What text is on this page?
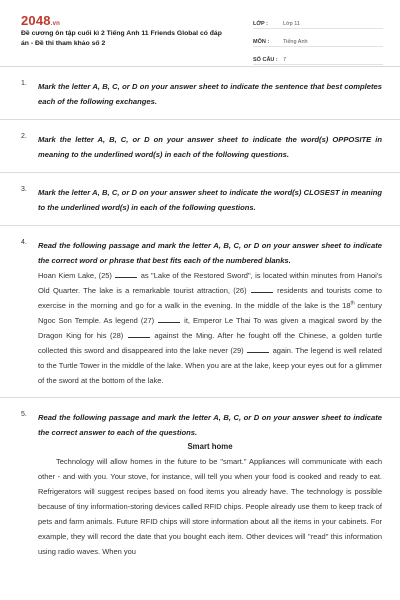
2048.vn
Đề cương ôn tập cuối kì 2 Tiếng Anh 11 Friends Global có đáp án - Đề thi tham khảo số 2
LỚP :	Lớp 11
MÔN :	Tiếng Anh
SỐ CÂU : 7
1. Mark the letter A, B, C, or D on your answer sheet to indicate the sentence that best completes each of the following exchanges.
2. Mark the letter A, B, C, or D on your answer sheet to indicate the word(s) OPPOSITE in meaning to the underlined word(s) in each of the following questions.
3. Mark the letter A, B, C, or D on your answer sheet to indicate the word(s) CLOSEST in meaning to the underlined word(s) in each of the following questions.
4. Read the following passage and mark the letter A, B, C, or D on your answer sheet to indicate the correct word or phrase that best fits each of the numbered blanks.
Hoan Kiem Lake, (25)	as "Lake of the Restored Sword", is located within minutes from Hanoi's Old Quarter. The lake is a remarkable tourist attraction, (26)	residents and tourists come to exercise in the morning and go for a walk in the evening. In the middle of the lake is the 18th century Ngoc Son Temple. As legend (27)	it, Emperor Le Thai To was given a magical sword by the Dragon King for his (28)	against the Ming. After he fought off the Chinese, a golden turtle collected this sword and disappeared into the lake never (29)	again. The legend is well related to the Turtle Tower in the middle of the lake. When you are at the lake, keep your eyes out for a glimmer of the sword at the bottom of the lake.
5. Read the following passage and mark the letter A, B, C, or D on your answer sheet to indicate the correct answer to each of the questions.
Smart home
Technology will allow homes in the future to be "smart." Appliances will communicate with each other - and with you. Your stove, for instance, will tell you when your food is cooked and ready to eat. Refrigerators will suggest recipes based on food items you already have. The technology is possible because of tiny information-storing devices called RFID chips. People already use them to keep track of pets and farm animals. Future RFID chips will store information about all the items in your cabinets. For example, they will record the date that you bought each item. Other devices will "read" this information using radio waves. When you
